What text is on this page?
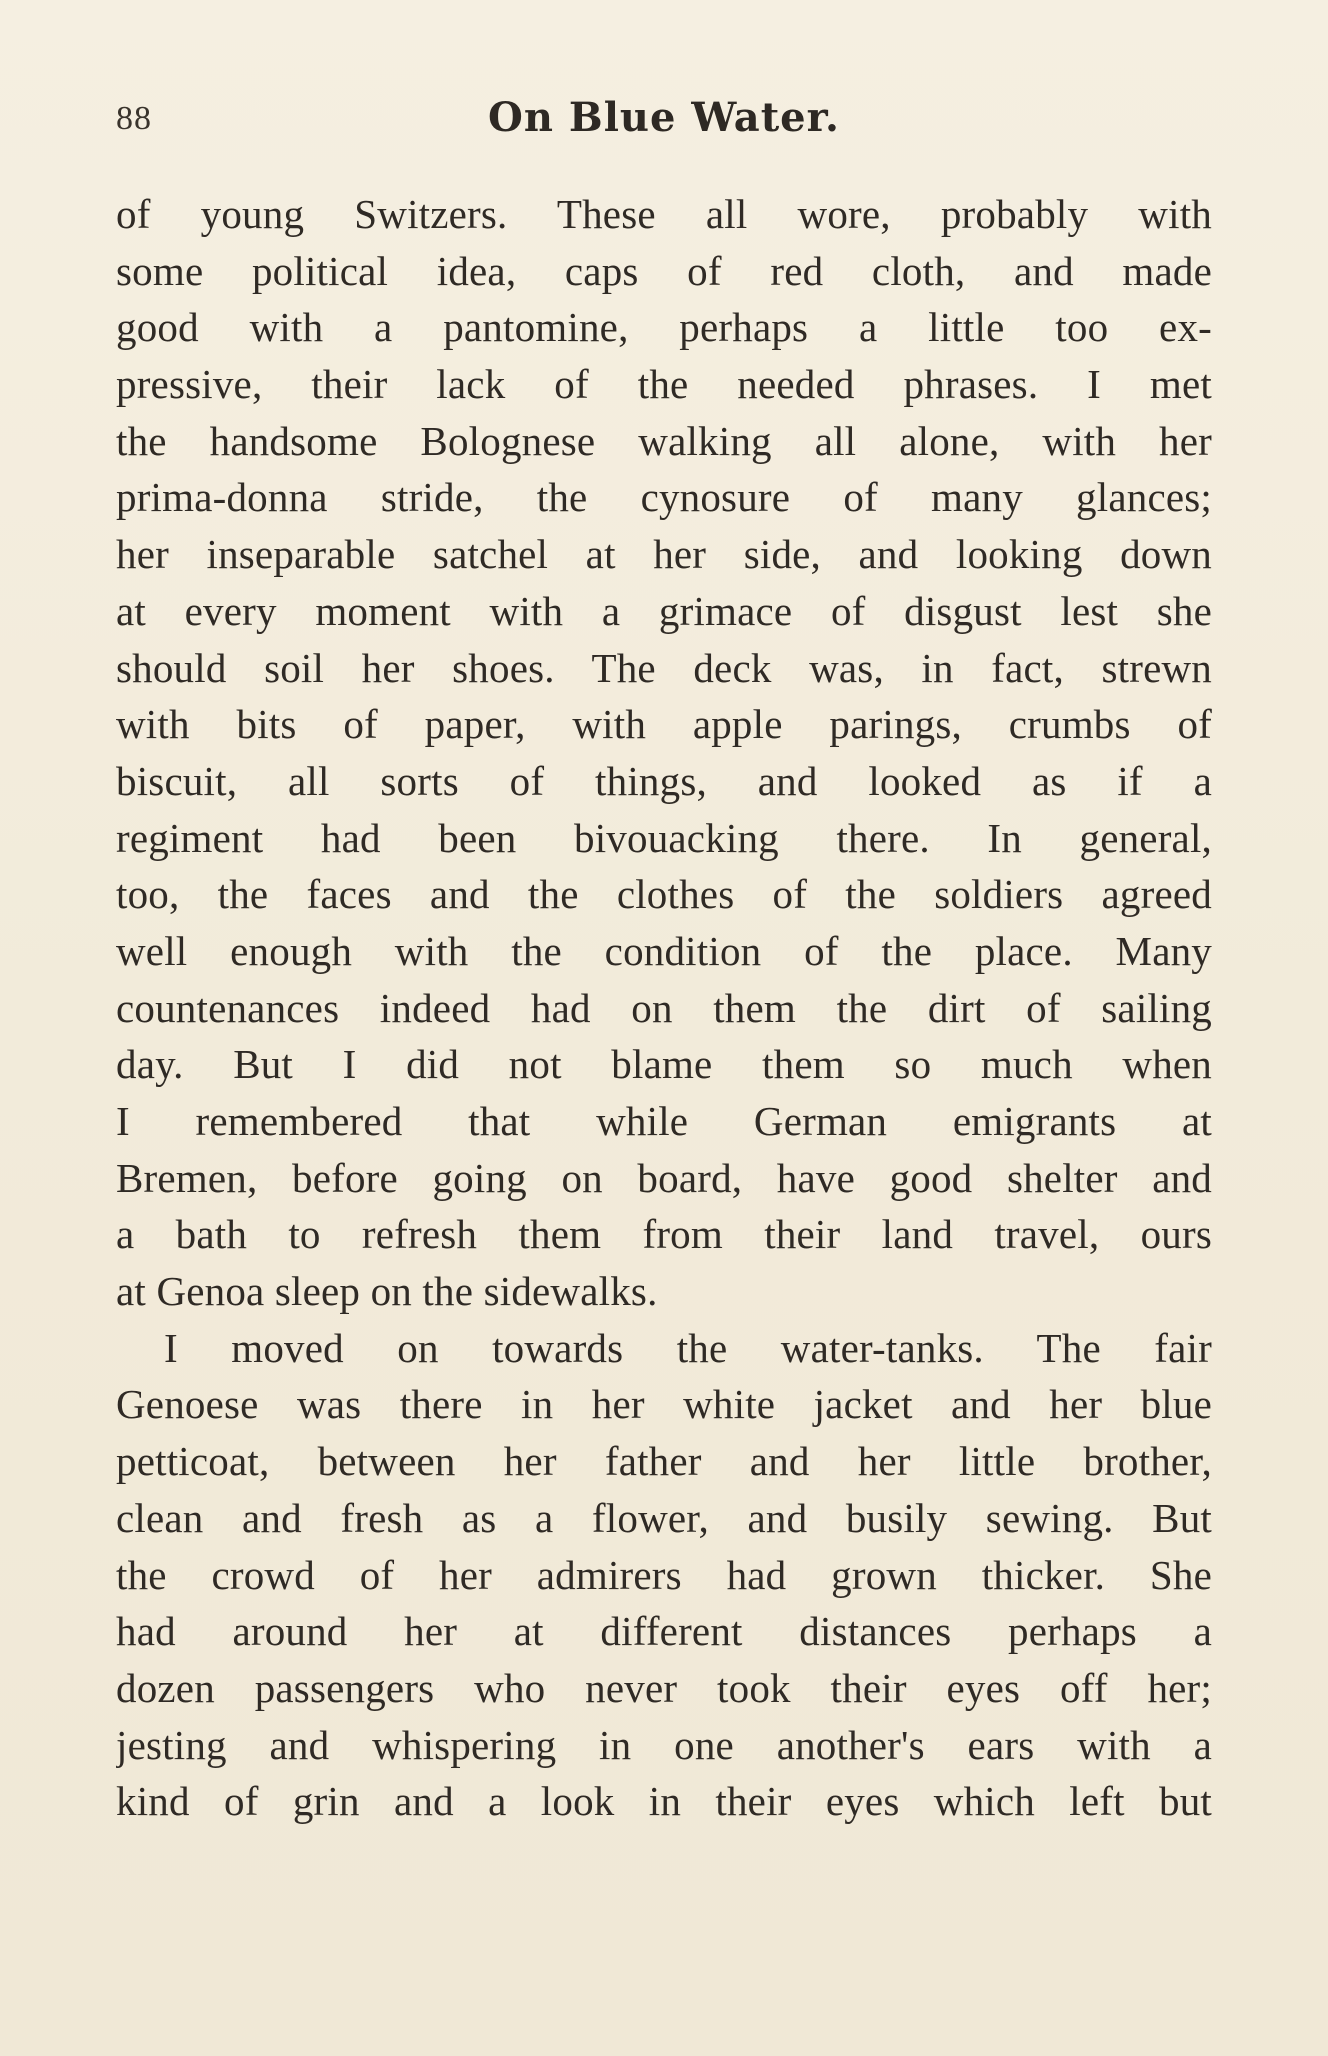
88	On Blue Water.
of young Switzers. These all wore, probably with
some political idea, caps of red cloth, and made
good with a pantomine, perhaps a little too ex-
pressive, their lack of the needed phrases. I met
the handsome Bolognese walking all alone, with her
prima-donna stride, the cynosure of many glances;
her inseparable satchel at her side, and looking down
at every moment with a grimace of disgust lest she
should soil her shoes. The deck was, in fact, strewn
with bits of paper, with apple parings, crumbs of
biscuit, all sorts of things, and looked as if a
regiment had been bivouacking there. In general,
too, the faces and the clothes of the soldiers agreed
well enough with the condition of the place. Many
countenances indeed had on them the dirt of sailing
day. But I did not blame them so much when
I remembered that while German emigrants at
Bremen, before going on board, have good shelter and
a bath to refresh them from their land travel, ours
at Genoa sleep on the sidewalks.
I moved on towards the water-tanks. The fair
Genoese was there in her white jacket and her blue
petticoat, between her father and her little brother,
clean and fresh as a flower, and busily sewing. But
the crowd of her admirers had grown thicker. She
had around her at different distances perhaps a
dozen passengers who never took their eyes off her;
jesting and whispering in one another's ears with a
kind of grin and a look in their eyes which left but
